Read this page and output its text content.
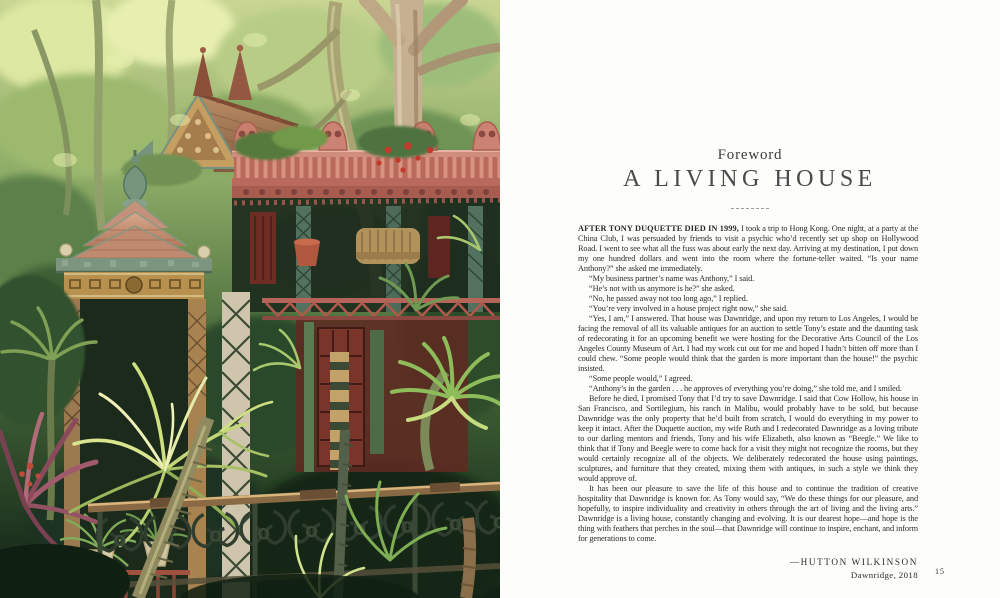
Foreword
A LIVING HOUSE

AFTER TONY DUQUETTE DIED IN 1999, I took a trip to Hong Kong. One night, at a party at the China Club, I was persuaded by friends to visit a psychic who’d recently set up shop on Hollywood Road. I went to see what all the fuss was about early the next day. Arriving at my destination, I put down my one hundred dollars and went into the room where the fortune-teller waited. “Is your name Anthony?” she asked me immediately.

“My business partner’s name was Anthony,” I said.

“He’s not with us anymore is he?” she asked.

“No, he passed away not too long ago,” I replied.

“You’re very involved in a house project right now,” she said.

“Yes, I am,” I answered. That house was Dawnridge, and upon my return to Los Angeles, I would be facing the removal of all its valuable antiques for an auction to settle Tony’s estate and the daunting task of redecorating it for an upcoming benefit we were hosting for the Decorative Arts Council of the Los Angeles County Museum of Art. I had my work cut out for me and hoped I hadn’t bitten off more than I could chew. “Some people would think that the garden is more important than the house!” the psychic insisted.

“Some people would,” I agreed.

“Anthony’s in the garden . . . he approves of everything you’re doing,” she told me, and I smiled.

Before he died, I promised Tony that I’d try to save Dawnridge. I said that Cow Hollow, his house in San Francisco, and Sortilegium, his ranch in Malibu, would probably have to be sold, but because Dawnridge was the only property that he’d built from scratch, I would do everything in my power to keep it intact. After the Duquette auction, my wife Ruth and I redecorated Dawnridge as a loving tribute to our darling mentors and friends, Tony and his wife Elizabeth, also known as “Beegle.” We like to think that if Tony and Beegle were to come back for a visit they might not recognize the rooms, but they would certainly recognize all of the objects. We deliberately redecorated the house using paintings, sculptures, and furniture that they created, mixing them with antiques, in such a style we think they would approve of.

It has been our pleasure to save the life of this house and to continue the tradition of creative hospitality that Dawnridge is known for. As Tony would say, “We do these things for our pleasure, and hopefully, to inspire individuality and creativity in others through the art of living and the living arts.” Dawnridge is a living house, constantly changing and evolving. It is our dearest hope—and hope is the thing with feathers that perches in the soul—that Dawnridge will continue to inspire, enchant, and inform for generations to come.

—HUTTON WILKINSON
Dawnridge, 2018	15
